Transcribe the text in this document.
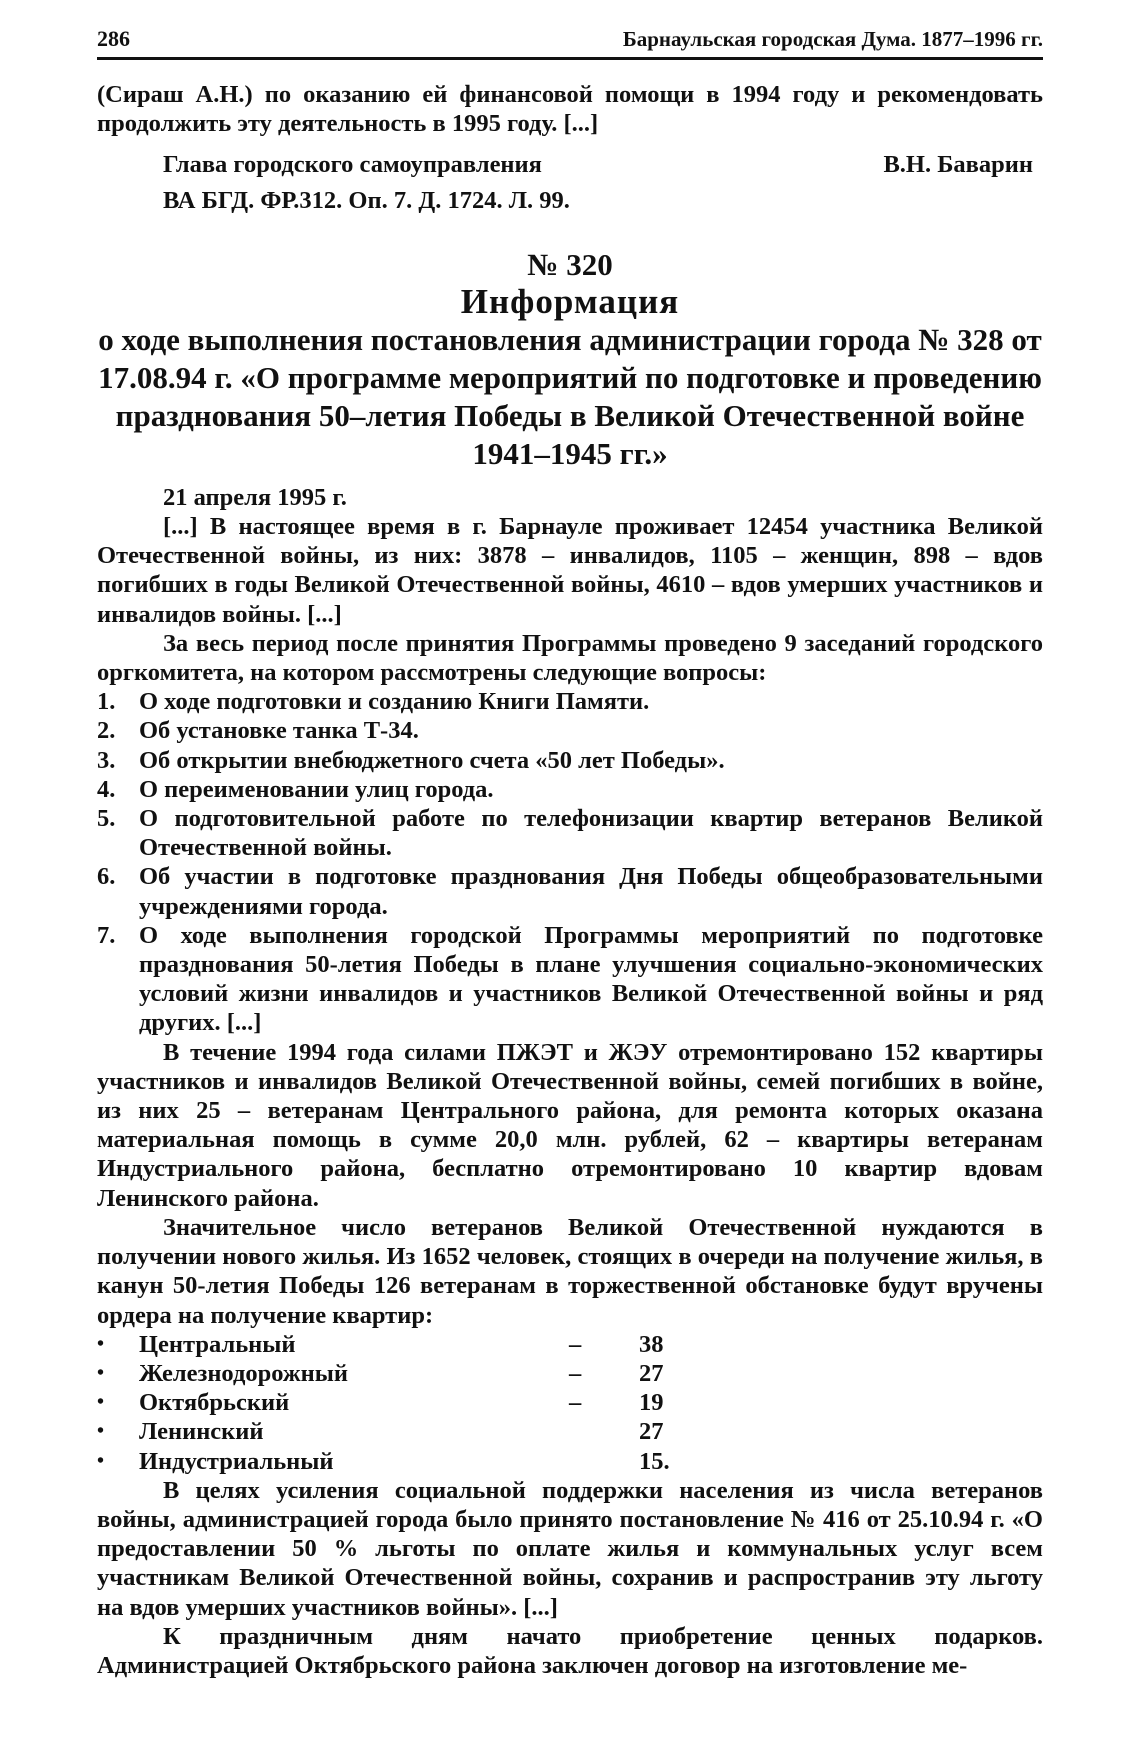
286	Барнаульская городская Дума. 1877–1996 гг.

(Сираш А.Н.) по оказанию ей финансовой помощи в 1994 году и рекомендовать продолжить эту деятельность в 1995 году. [...]

Глава городского самоуправления	В.Н. Баварин
ВА БГД. ФР.312. Оп. 7. Д. 1724. Л. 99.
№ 320
Информация
о ходе выполнения постановления администрации города № 328 от 17.08.94 г. «О программе мероприятий по подготовке и проведению празднования 50–летия Победы в Великой Отечественной войне 1941–1945 гг.»
21 апреля 1995 г.

[...] В настоящее время в г. Барнауле проживает 12454 участника Великой Отечественной войны, из них: 3878 – инвалидов, 1105 – женщин, 898 – вдов погибших в годы Великой Отечественной войны, 4610 – вдов умерших участников и инвалидов войны. [...]

За весь период после принятия Программы проведено 9 заседаний городского оргкомитета, на котором рассмотрены следующие вопросы:

1. О ходе подготовки и созданию Книги Памяти.
2. Об установке танка Т-34.
3. Об открытии внебюджетного счета «50 лет Победы».
4. О переименовании улиц города.
5. О подготовительной работе по телефонизации квартир ветеранов Великой Отечественной войны.
6. Об участии в подготовке празднования Дня Победы общеобразовательными учреждениями города.
7. О ходе выполнения городской Программы мероприятий по подготовке празднования 50-летия Победы в плане улучшения социально-экономических условий жизни инвалидов и участников Великой Отечественной войны и ряд других. [...]

В течение 1994 года силами ПЖЭТ и ЖЭУ отремонтировано 152 квартиры участников и инвалидов Великой Отечественной войны, семей погибших в войне, из них 25 – ветеранам Центрального района, для ремонта которых оказана материальная помощь в сумме 20,0 млн. рублей, 62 – квартиры ветеранам Индустриального района, бесплатно отремонтировано 10 квартир вдовам Ленинского района.

Значительное число ветеранов Великой Отечественной нуждаются в получении нового жилья. Из 1652 человек, стоящих в очереди на получение жилья, в канун 50-летия Победы 126 ветеранам в торжественной обстановке будут вручены ордера на получение квартир:

•	Центральный	–	38
•	Железнодорожный	–	27
•	Октябрьский	–	19
•	Ленинский	27
•	Индустриальный	15.

В целях усиления социальной поддержки населения из числа ветеранов войны, администрацией города было принято постановление № 416 от 25.10.94 г. «О предоставлении 50 % льготы по оплате жилья и коммунальных услуг всем участникам Великой Отечественной войны, сохранив и распространив эту льготу на вдов умерших участников войны». [...]

К праздничным дням начато приобретение ценных подарков. Администрацией Октябрьского района заключен договор на изготовление ме-
